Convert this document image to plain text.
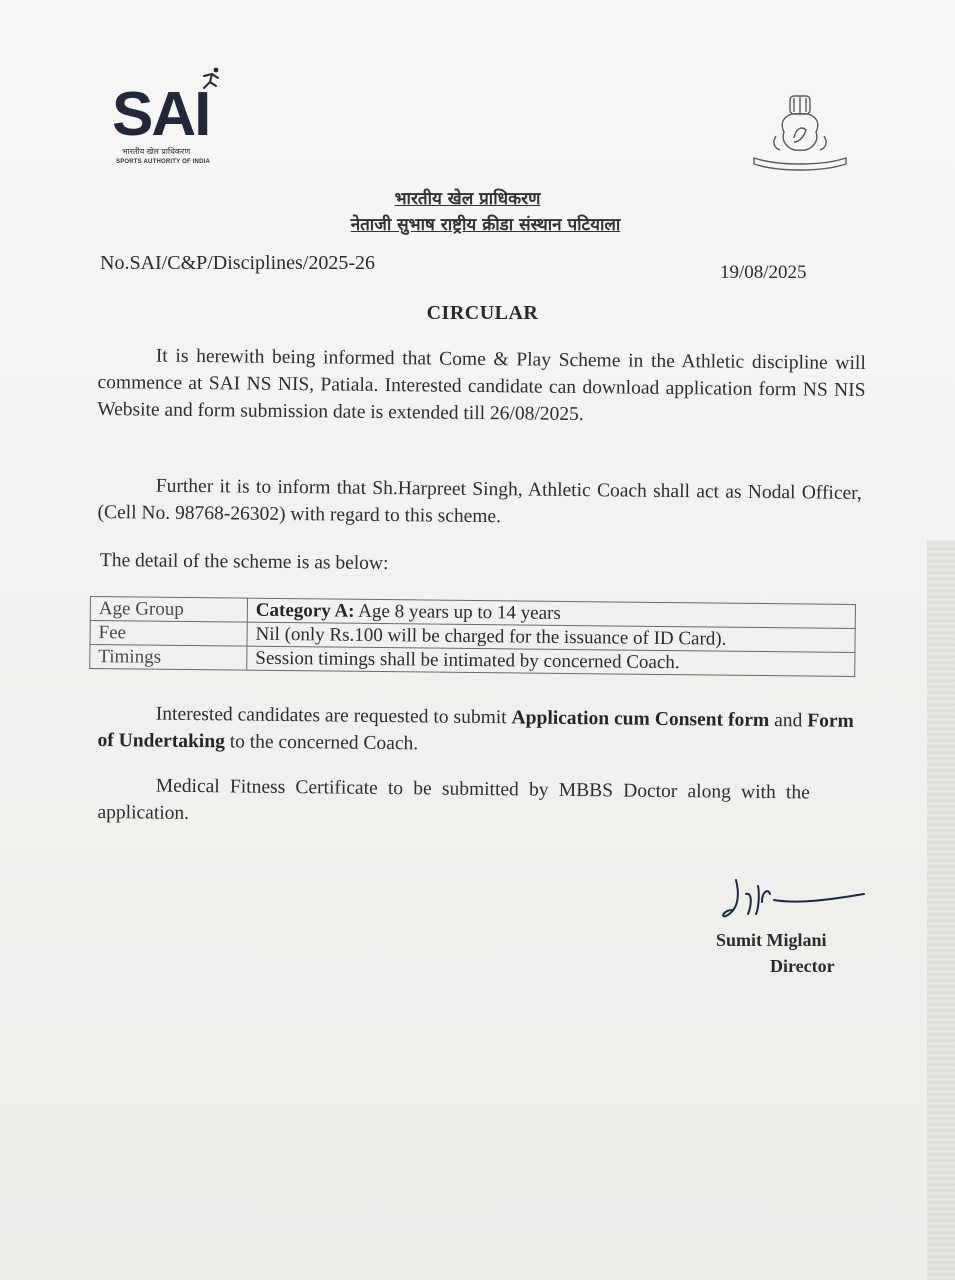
SAI
भारतीय खेल प्राधिकरण
SPORTS AUTHORITY OF INDIA
भारतीय खेल प्राधिकरण
नेताजी सुभाष राष्ट्रीय क्रीडा संस्थान पटियाला
No.SAI/C&P/Disciplines/2025-26	19/08/2025
CIRCULAR
It is herewith being informed that Come & Play Scheme in the Athletic discipline will commence at SAI NS NIS, Patiala. Interested candidate can download application form NS NIS Website and form submission date is extended till 26/08/2025.
Further it is to inform that Sh.Harpreet Singh, Athletic Coach shall act as Nodal Officer, (Cell No. 98768-26302) with regard to this scheme.
The detail of the scheme is as below:
Age Group	Category A: Age 8 years up to 14 years
Fee	Nil (only Rs.100 will be charged for the issuance of ID Card).
Timings	Session timings shall be intimated by concerned Coach.
Interested candidates are requested to submit Application cum Consent form and Form of Undertaking to the concerned Coach.
Medical Fitness Certificate to be submitted by MBBS Doctor along with the application.
Sumit Miglani
Director
